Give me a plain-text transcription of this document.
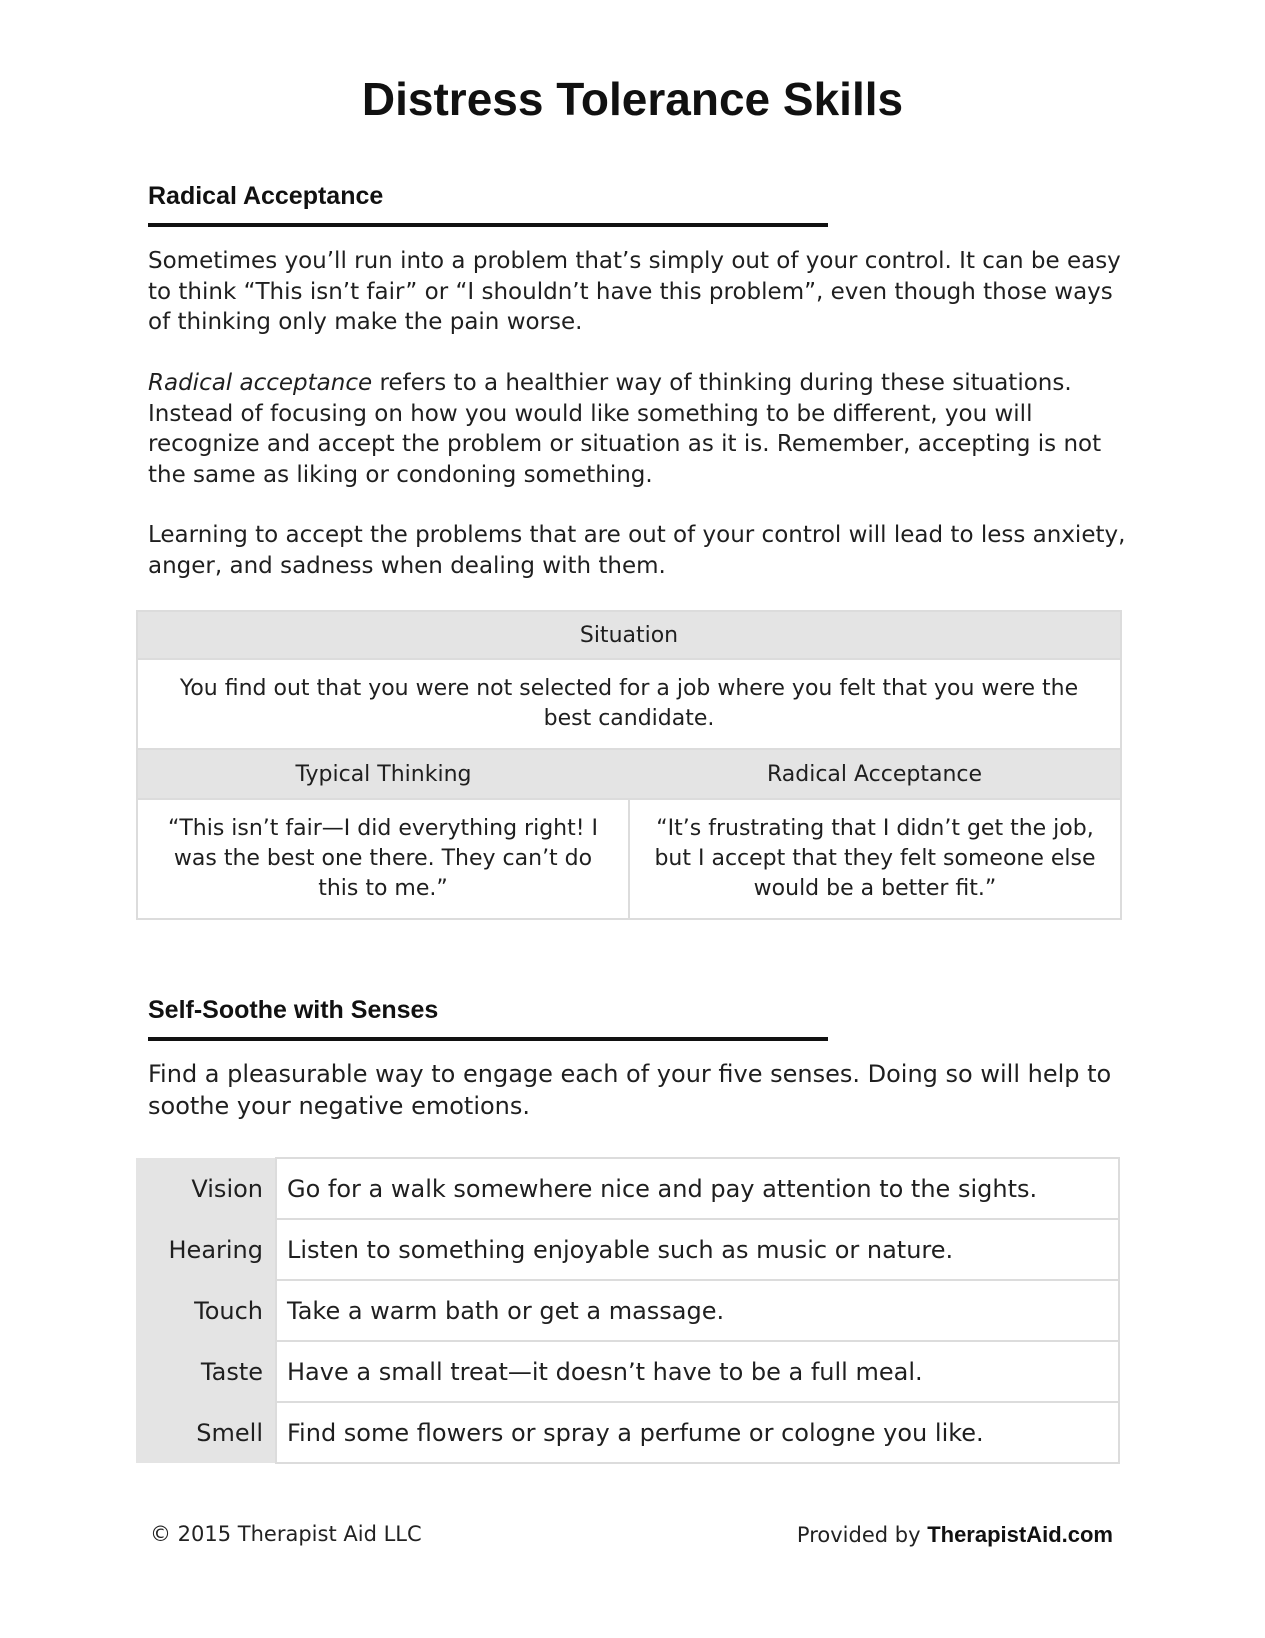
Distress Tolerance Skills
Radical Acceptance

Sometimes you’ll run into a problem that’s simply out of your control. It can be easy to think “This isn’t fair” or “I shouldn’t have this problem”, even though those ways of thinking only make the pain worse.

Radical acceptance refers to a healthier way of thinking during these situations. Instead of focusing on how you would like something to be different, you will recognize and accept the problem or situation as it is. Remember, accepting is not the same as liking or condoning something.

Learning to accept the problems that are out of your control will lead to less anxiety, anger, and sadness when dealing with them.

Situation	
You find out that you were not selected for a job where you felt that you were the best candidate.	
Typical Thinking	Radical Acceptance
“This isn’t fair—I did everything right! I was the best one there. They can’t do this to me.”	“It’s frustrating that I didn’t get the job, but I accept that they felt someone else would be a better fit.”
Self-Soothe with Senses

Find a pleasurable way to engage each of your five senses. Doing so will help to soothe your negative emotions.

Vision	Go for a walk somewhere nice and pay attention to the sights.
Hearing	Listen to something enjoyable such as music or nature.
Touch	Take a warm bath or get a massage.
Taste	Have a small treat—it doesn’t have to be a full meal.
Smell	Find some flowers or spray a perfume or cologne you like.
© 2015 Therapist Aid LLC	Provided by TherapistAid.com
